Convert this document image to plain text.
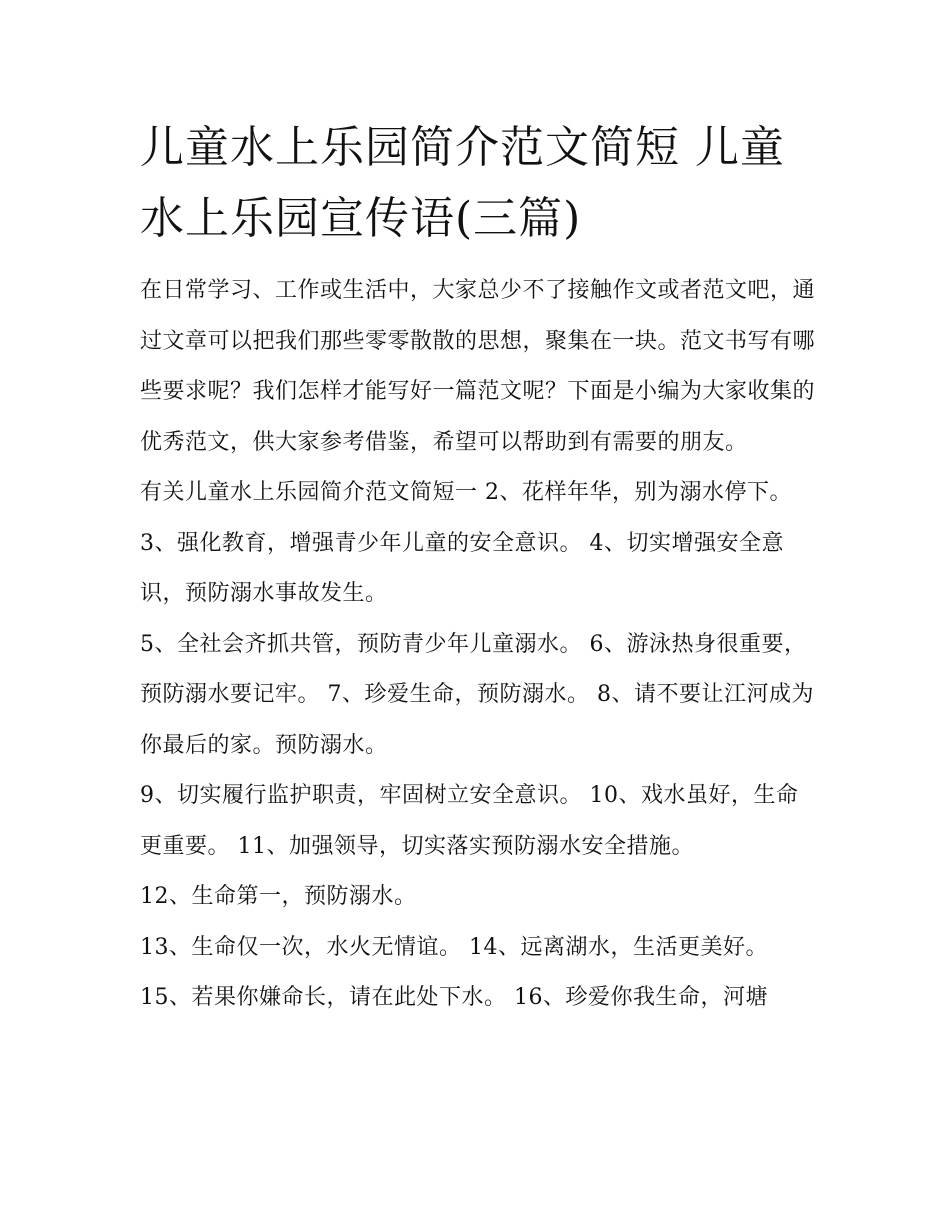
儿童水上乐园简介范文简短 儿童水上乐园宣传语(三篇)

在日常学习、工作或生活中，大家总少不了接触作文或者范文吧，通过文章可以把我们那些零零散散的思想，聚集在一块。范文书写有哪些要求呢？我们怎样才能写好一篇范文呢？下面是小编为大家收集的优秀范文，供大家参考借鉴，希望可以帮助到有需要的朋友。

有关儿童水上乐园简介范文简短一 2、花样年华，别为溺水停下。 3、强化教育，增强青少年儿童的安全意识。 4、切实增强安全意识，预防溺水事故发生。

5、全社会齐抓共管，预防青少年儿童溺水。 6、游泳热身很重要，预防溺水要记牢。 7、珍爱生命，预防溺水。 8、请不要让江河成为你最后的家。预防溺水。

9、切实履行监护职责，牢固树立安全意识。 10、戏水虽好，生命更重要。 11、加强领导，切实落实预防溺水安全措施。

12、生命第一，预防溺水。

13、生命仅一次，水火无情谊。 14、远离湖水，生活更美好。

15、若果你嫌命长，请在此处下水。 16、珍爱你我生命，河塘
